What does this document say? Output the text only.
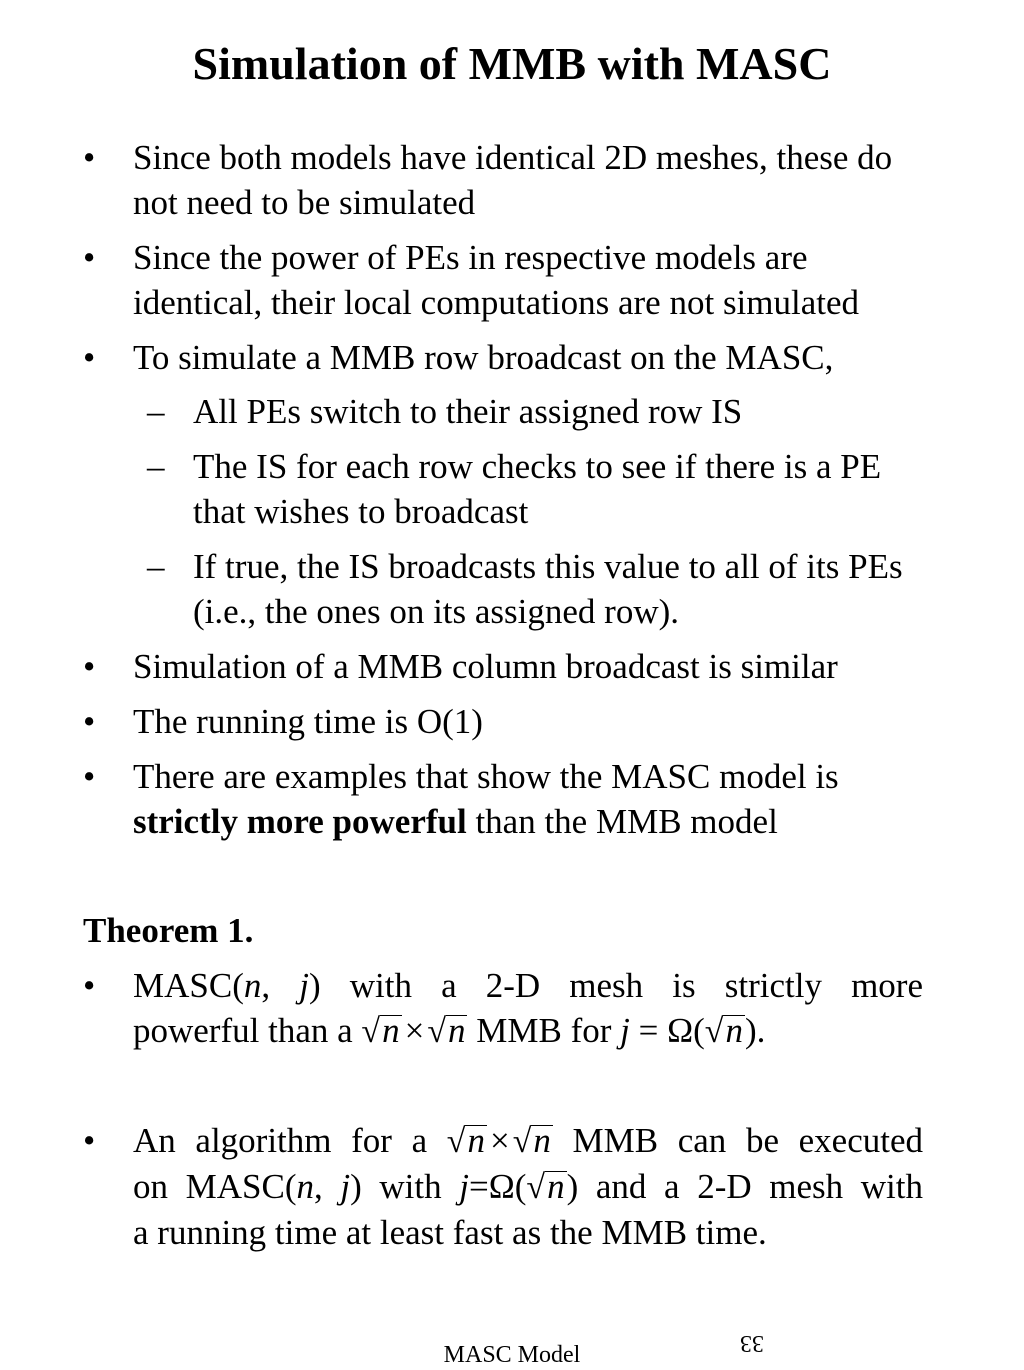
Simulation of MMB with MASC
• Since both models have identical 2D meshes, these do not need to be simulated
• Since the power of PEs in respective models are identical, their local computations are not simulated
• To simulate a MMB row broadcast on the MASC,
– All PEs switch to their assigned row IS
– The IS for each row checks to see if there is a PE that wishes to broadcast
– If true, the IS broadcasts this value to all of its PEs (i.e., the ones on its assigned row).
• Simulation of a MMB column broadcast is similar
• The running time is O(1)
• There are examples that show the MASC model is
strictly more powerful than the MMB model
Theorem 1.
• MASC(n, j) with a 2-D mesh is strictly more
powerful than a √n ×√n MMB for j = Ω(√n).
• An algorithm for a √n ×√n MMB can be executed
on MASC(n, j) with j=Ω(√n) and a 2-D mesh with
a running time at least fast as the MMB time.
33
MASC Model
